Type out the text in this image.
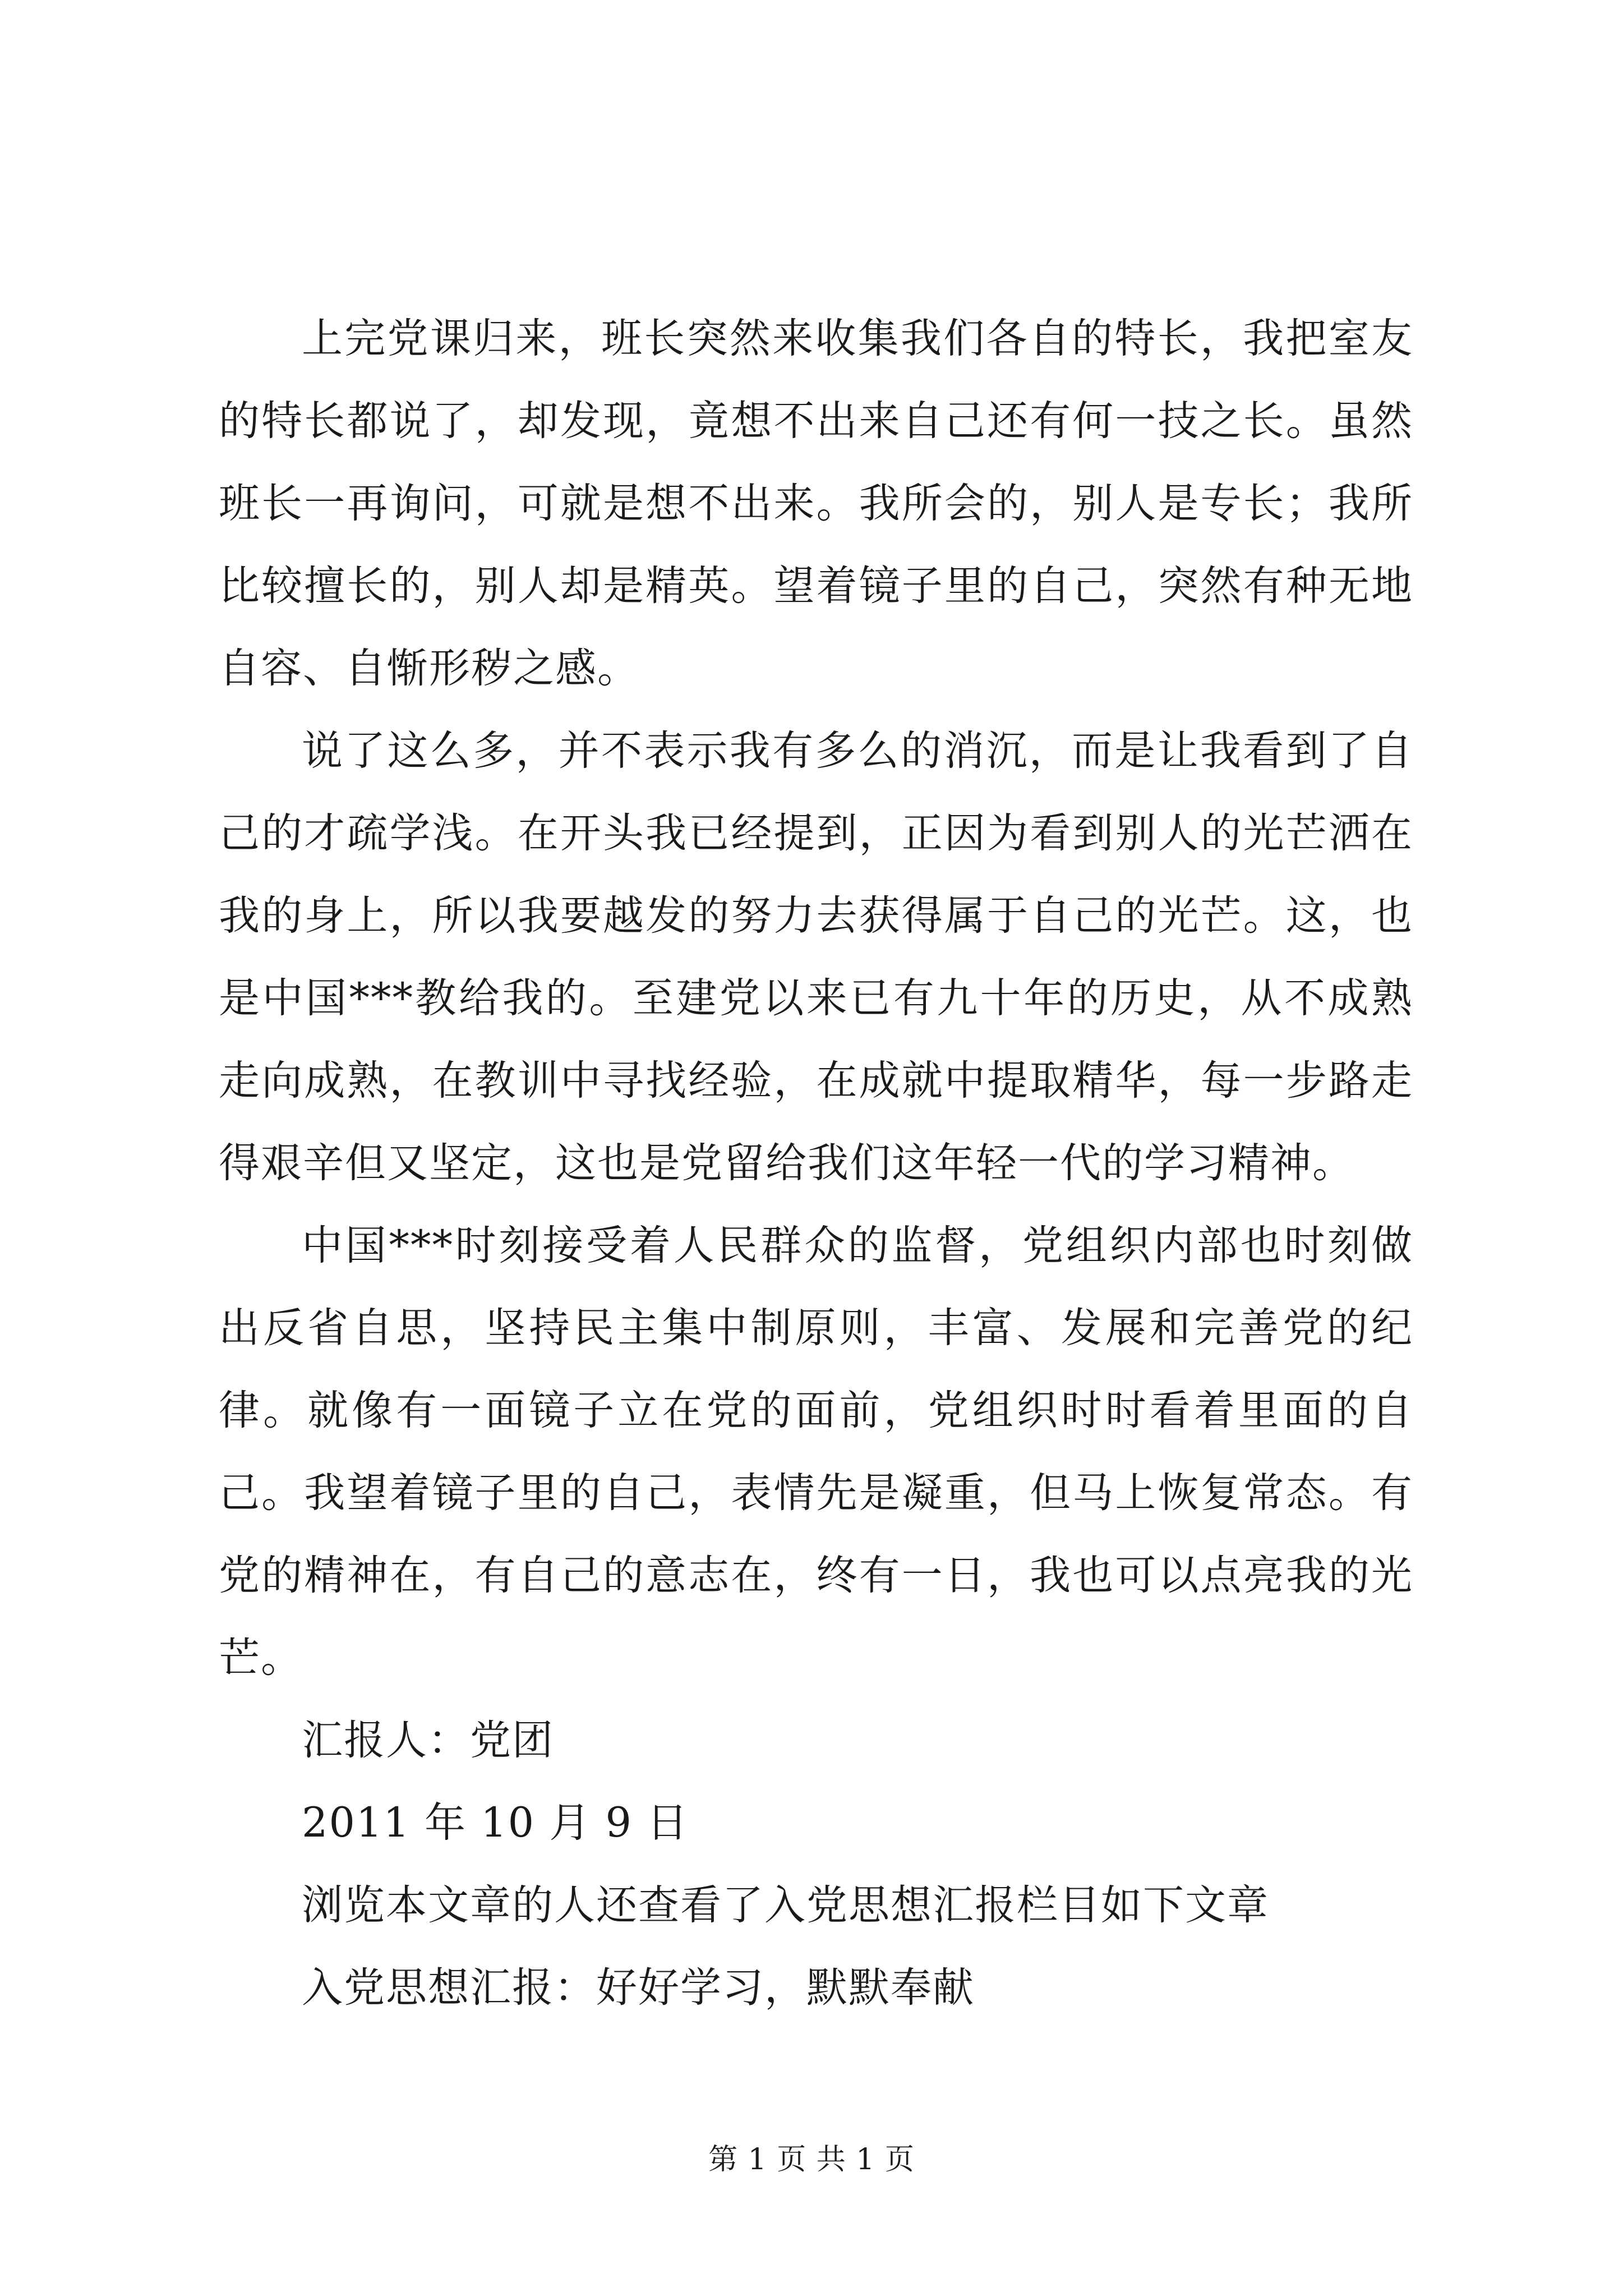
上完党课归来，班长突然来收集我们各自的特长，我把室友的特长都说了，却发现，竟想不出来自己还有何一技之长。虽然班长一再询问，可就是想不出来。我所会的，别人是专长；我所比较擅长的，别人却是精英。望着镜子里的自己，突然有种无地自容、自惭形秽之感。

说了这么多，并不表示我有多么的消沉，而是让我看到了自己的才疏学浅。在开头我已经提到，正因为看到别人的光芒洒在我的身上，所以我要越发的努力去获得属于自己的光芒。这，也是中国***教给我的。至建党以来已有九十年的历史，从不成熟走向成熟，在教训中寻找经验，在成就中提取精华，每一步路走得艰辛但又坚定，这也是党留给我们这年轻一代的学习精神。

中国***时刻接受着人民群众的监督，党组织内部也时刻做出反省自思，坚持民主集中制原则，丰富、发展和完善党的纪律。就像有一面镜子立在党的面前，党组织时时看着里面的自己。我望着镜子里的自己，表情先是凝重，但马上恢复常态。有党的精神在，有自己的意志在，终有一日，我也可以点亮我的光芒。

汇报人：党团

2011 年 10 月 9 日

浏览本文章的人还查看了入党思想汇报栏目如下文章

入党思想汇报：好好学习，默默奉献

第 1 页 共 1 页
